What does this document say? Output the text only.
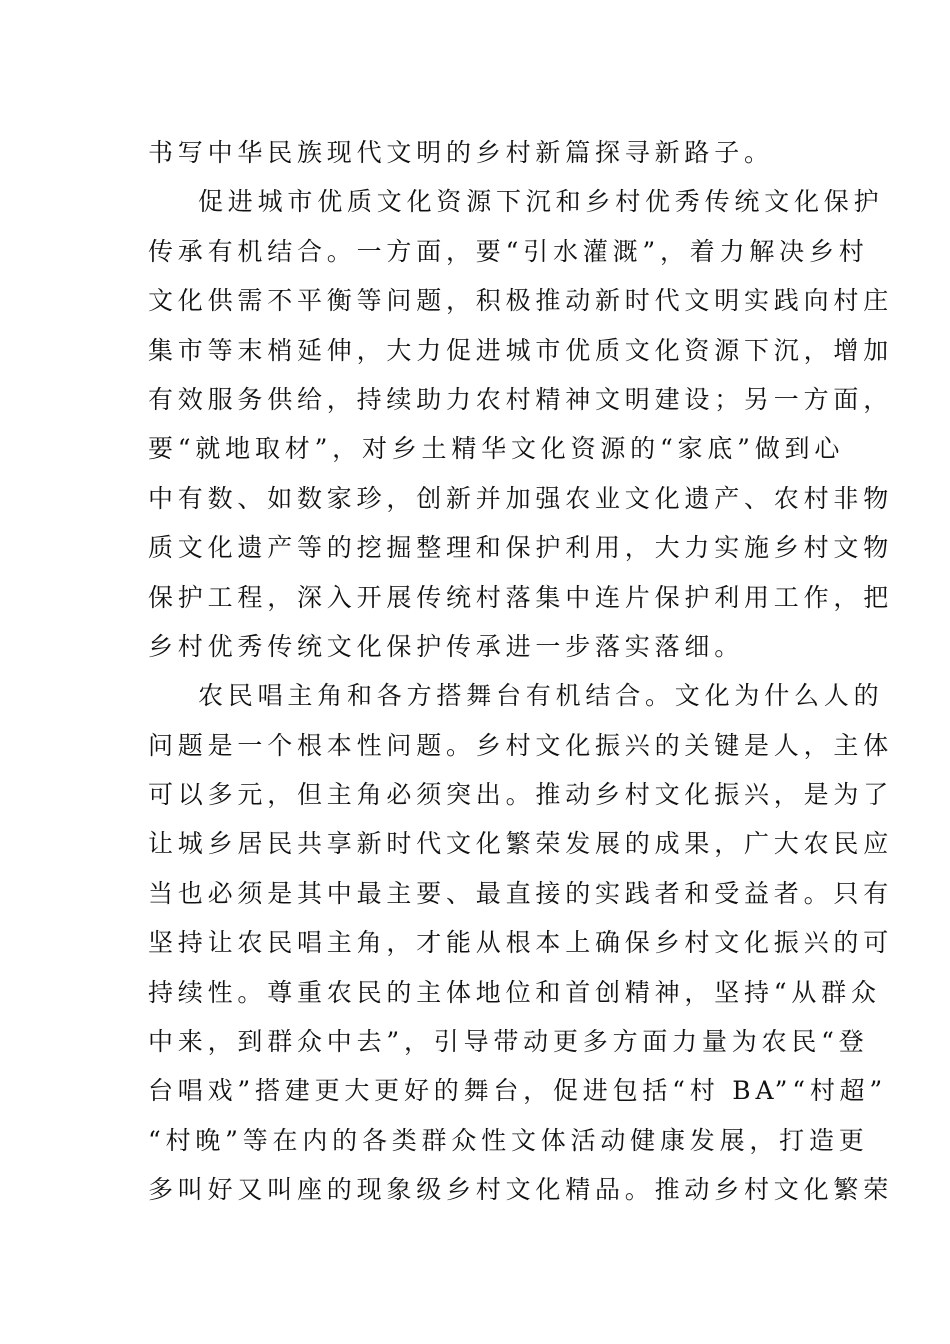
书写中华民族现代文明的乡村新篇探寻新路子。
促进城市优质文化资源下沉和乡村优秀传统文化保护
传承有机结合。一方面，要“引水灌溉”，着力解决乡村
文化供需不平衡等问题，积极推动新时代文明实践向村庄
集市等末梢延伸，大力促进城市优质文化资源下沉，增加
有效服务供给，持续助力农村精神文明建设；另一方面，
要“就地取材”，对乡土精华文化资源的“家底”做到心
中有数、如数家珍，创新并加强农业文化遗产、农村非物
质文化遗产等的挖掘整理和保护利用，大力实施乡村文物
保护工程，深入开展传统村落集中连片保护利用工作，把
乡村优秀传统文化保护传承进一步落实落细。
农民唱主角和各方搭舞台有机结合。文化为什么人的
问题是一个根本性问题。乡村文化振兴的关键是人，主体
可以多元，但主角必须突出。推动乡村文化振兴，是为了
让城乡居民共享新时代文化繁荣发展的成果，广大农民应
当也必须是其中最主要、最直接的实践者和受益者。只有
坚持让农民唱主角，才能从根本上确保乡村文化振兴的可
持续性。尊重农民的主体地位和首创精神，坚持“从群众
中来，到群众中去”，引导带动更多方面力量为农民“登
台唱戏”搭建更大更好的舞台，促进包括“村 BA”“村超”
“村晚”等在内的各类群众性文体活动健康发展，打造更
多叫好又叫座的现象级乡村文化精品。推动乡村文化繁荣
